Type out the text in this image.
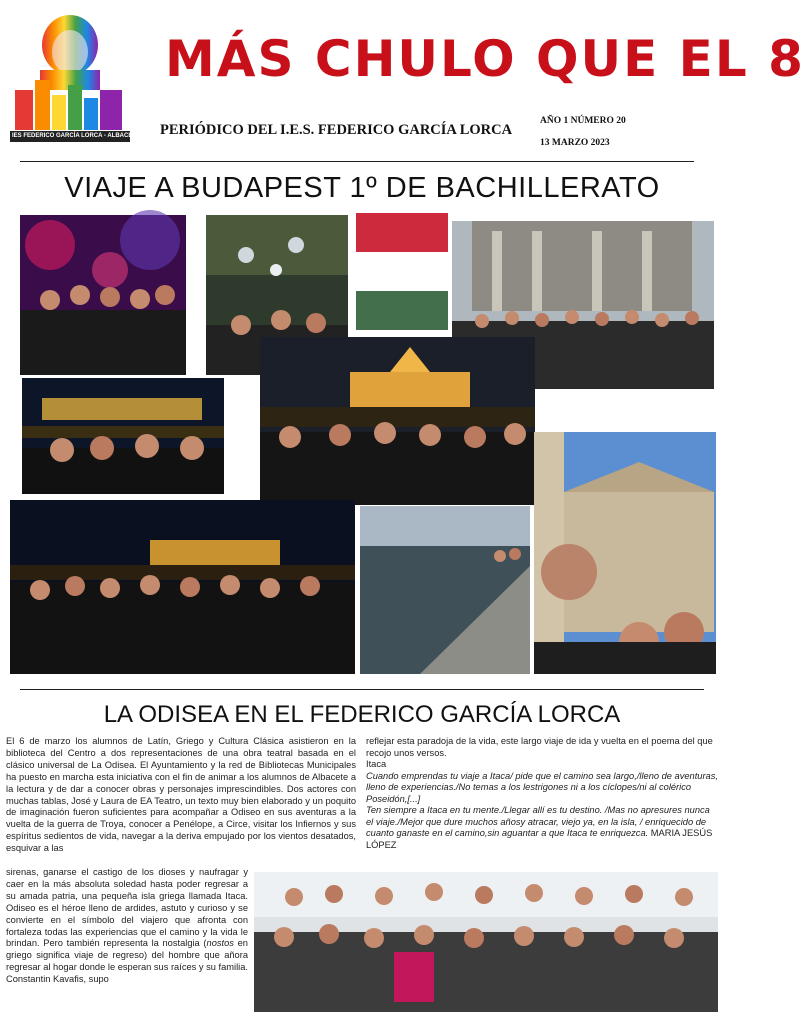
IES FEDERICO GARCÍA LORCA - ALBACETE
MÁS CHULO QUE EL 8
PERIÓDICO DEL I.E.S. FEDERICO GARCÍA LORCA
AÑO 1 NÚMERO 20
13 MARZO 2023
VIAJE A BUDAPEST 1º DE BACHILLERATO
LA ODISEA EN EL FEDERICO GARCÍA LORCA

El 6 de marzo los alumnos de Latín, Griego y Cultura Clásica asistieron en la biblioteca del Centro a dos representaciones de una obra teatral basada en el clásico universal de La Odisea. El Ayuntamiento y la red de Bibliotecas Municipales ha puesto en marcha esta iniciativa con el fin de animar a los alumnos de Albacete a la lectura y de dar a conocer obras y personajes imprescindibles. Dos actores con muchas tablas, José y Laura de EA Teatro, un texto muy bien elaborado y un poquito de imaginación fueron suficientes para acompañar a Odiseo en sus aventuras a la vuelta de la guerra de Troya, conocer a Penélope, a Circe, visitar los Infiernos y sus espíritus sedientos de vida, navegar a la deriva empujado por los vientos desatados, esquivar a las

sirenas, ganarse el castigo de los dioses y naufragar y caer en la más absoluta soledad hasta poder regresar a su amada patria, una pequeña isla griega llamada Itaca. Odiseo es el héroe lleno de ardides, astuto y curioso y se convierte en el símbolo del viajero que afronta con fortaleza todas las experiencias que el camino y la vida le brindan. Pero también representa la nostalgia (nostos en griego significa viaje de regreso) del hombre que añora regresar al hogar donde le esperan sus raíces y su familia. Constantin Kavafis, supo

reflejar esta paradoja de la vida, este largo viaje de ida y vuelta en el poema del que recojo unos versos.
Itaca
Cuando emprendas tu viaje a Itaca/ pide que el camino sea largo,/lleno de aventuras, lleno de experiencias./No temas a los lestrigones ni a los cíclopes/ni al colérico Poseidón,[...]
Ten siempre a Itaca en tu mente./Llegar allí es tu destino. /Mas no apresures nunca el viaje./Mejor que dure muchos añosy atracar, viejo ya, en la isla, / enriquecido de cuanto ganaste en el camino,sin aguantar a que Itaca te enriquezca. MARIA JESÚS LÓPEZ
